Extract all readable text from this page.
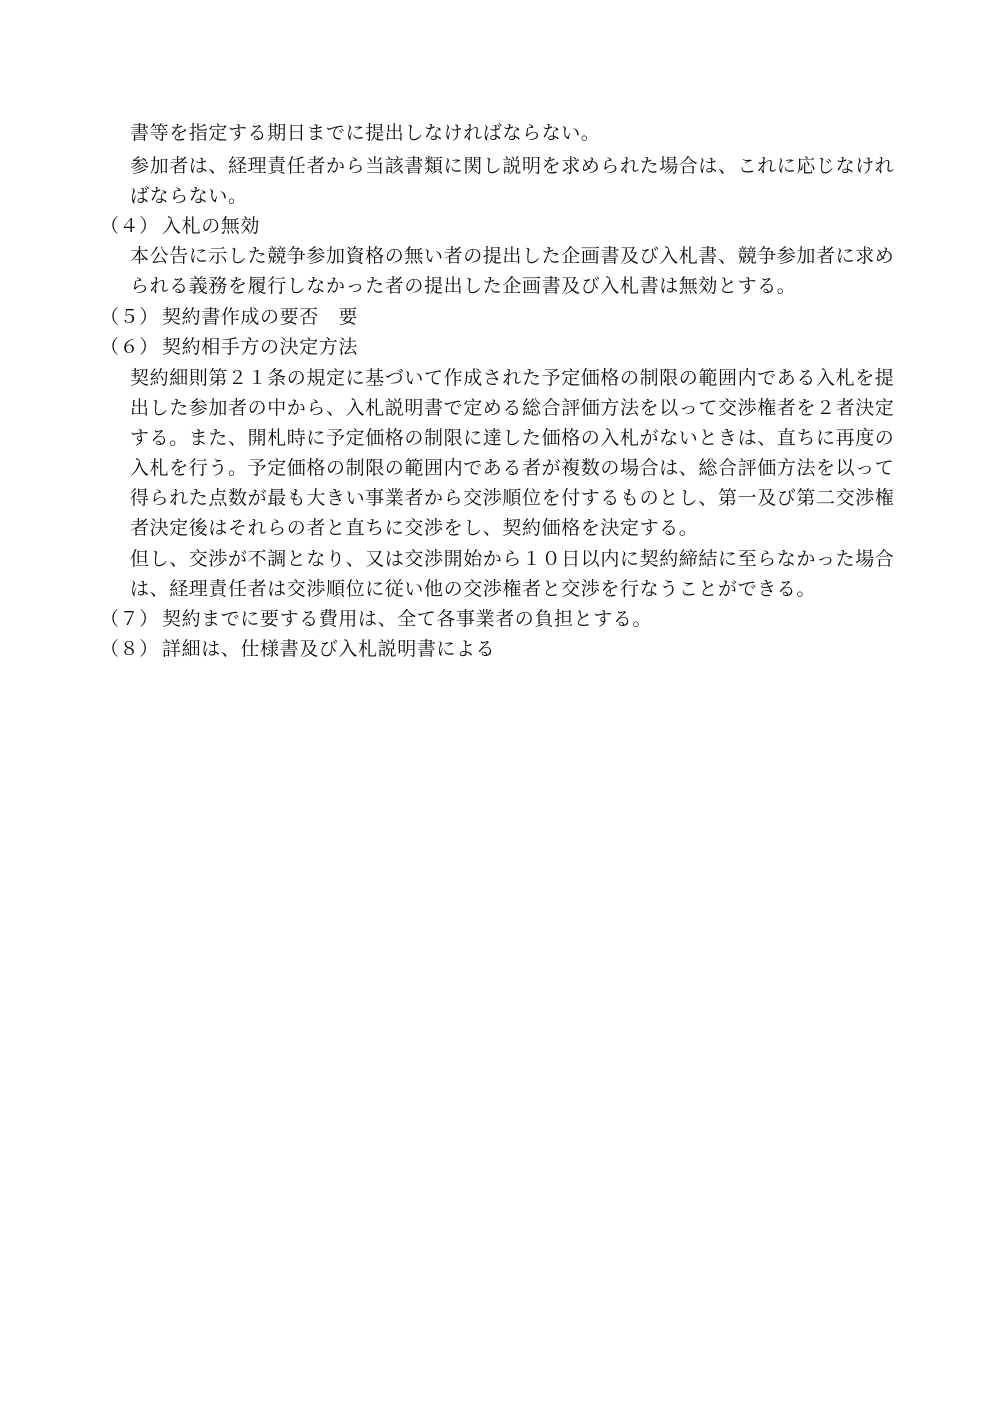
書等を指定する期日までに提出しなければならない。
参加者は、経理責任者から当該書類に関し説明を求められた場合は、これに応じなけれ
ばならない。
（４） 入札の無効
本公告に示した競争参加資格の無い者の提出した企画書及び入札書、競争参加者に求め
られる義務を履行しなかった者の提出した企画書及び入札書は無効とする。
（５） 契約書作成の要否　要
（６） 契約相手方の決定方法
契約細則第２１条の規定に基づいて作成された予定価格の制限の範囲内である入札を提
出した参加者の中から、入札説明書で定める総合評価方法を以って交渉権者を２者決定
する。また、開札時に予定価格の制限に達した価格の入札がないときは、直ちに再度の
入札を行う。予定価格の制限の範囲内である者が複数の場合は、総合評価方法を以って
得られた点数が最も大きい事業者から交渉順位を付するものとし、第一及び第二交渉権
者決定後はそれらの者と直ちに交渉をし、契約価格を決定する。
但し、交渉が不調となり、又は交渉開始から１０日以内に契約締結に至らなかった場合
は、経理責任者は交渉順位に従い他の交渉権者と交渉を行なうことができる。
（７） 契約までに要する費用は、全て各事業者の負担とする。
（８） 詳細は、仕様書及び入札説明書による
